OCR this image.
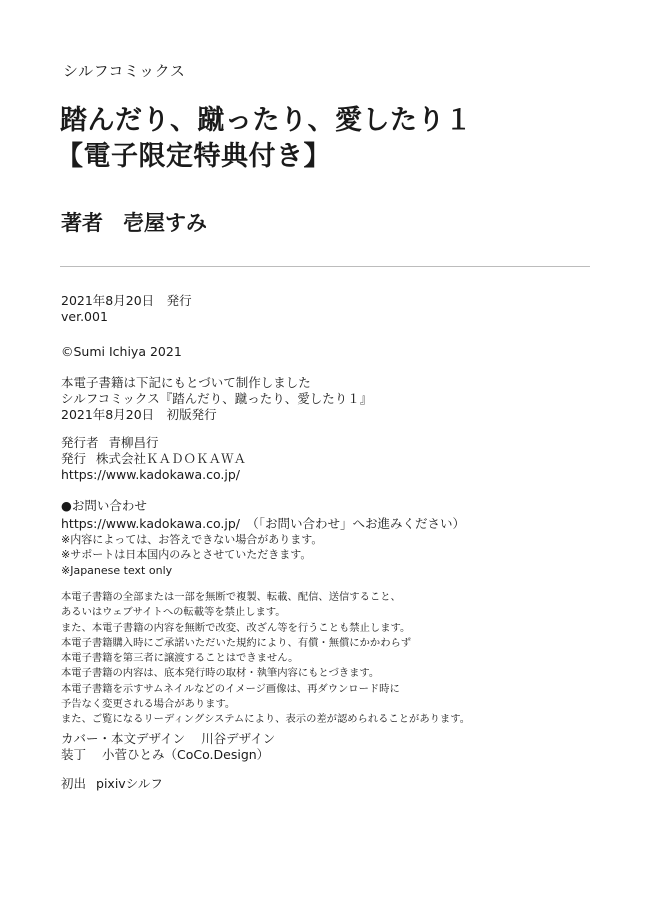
シルフコミックス
踏んだり、蹴ったり、愛したり１
【電子限定特典付き】
著者 壱屋すみ
2021年8月20日　発行
ver.001
©Sumi Ichiya 2021
本電子書籍は下記にもとづいて制作しました
シルフコミックス『踏んだり、蹴ったり、愛したり１』
2021年8月20日　初版発行
発行者 青柳昌行
発行 株式会社ＫＡＤＯＫＡＷＡ
https://www.kadokawa.co.jp/
●お問い合わせ
https://www.kadokawa.co.jp/　（「お問い合わせ」へお進みください）
※内容によっては、お答えできない場合があります。
※サポートは日本国内のみとさせていただきます。
※Japanese text only
本電子書籍の全部または一部を無断で複製、転載、配信、送信すること、
あるいはウェブサイトへの転載等を禁止します。
また、本電子書籍の内容を無断で改変、改ざん等を行うことも禁止します。
本電子書籍購入時にご承諾いただいた規約により、有償・無償にかかわらず
本電子書籍を第三者に譲渡することはできません。
本電子書籍の内容は、底本発行時の取材・執筆内容にもとづきます。
本電子書籍を示すサムネイルなどのイメージ画像は、再ダウンロード時に
予告なく変更される場合があります。
また、ご覧になるリーディングシステムにより、表示の差が認められることがあります。
カバー・本文デザイン 川谷デザイン
装丁 小菅ひとみ（CoCo.Design）
初出 pixivシルフ
